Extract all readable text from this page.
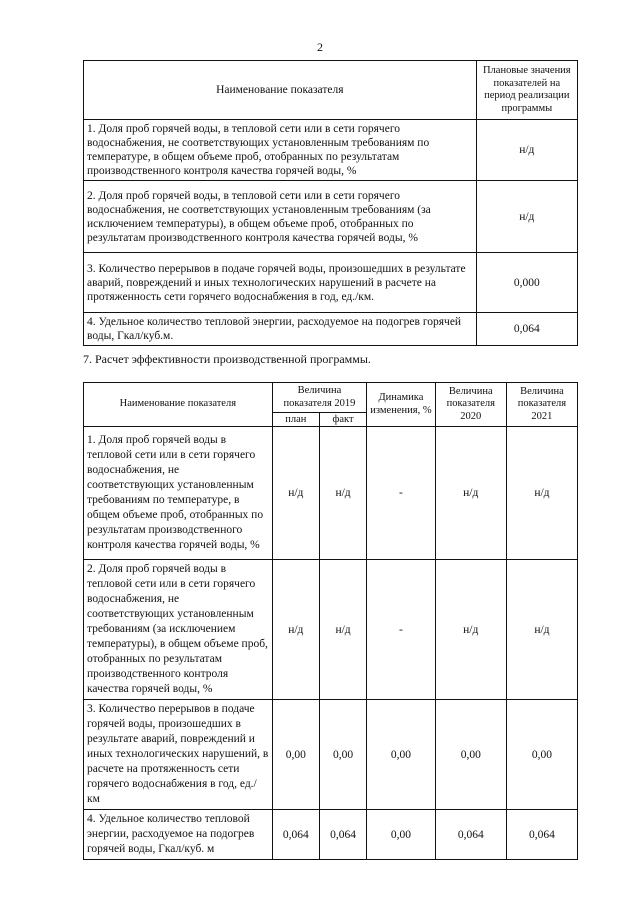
2
Наименование показателя	Плановые значения показателей на период реализации программы
1. Доля проб горячей воды, в тепловой сети или в сети горячего водоснабжения, не соответствующих установленным требованиям по температуре, в общем объеме проб, отобранных по результатам производственного контроля качества горячей воды, %	н/д
2. Доля проб горячей воды, в тепловой сети или в сети горячего водоснабжения, не соответствующих установленным требованиям (за исключением температуры), в общем объеме проб, отобранных по результатам производственного контроля качества горячей воды, %	н/д
3. Количество перерывов в подаче горячей воды, произошедших в результате аварий, повреждений и иных технологических нарушений в расчете на протяженность сети горячего водоснабжения в год, ед./км.	0,000
4. Удельное количество тепловой энергии, расходуемое на подогрев горячей воды, Гкал/куб.м.	0,064
7. Расчет эффективности производственной программы.
Наименование показателя	Величина показателя 2019		Динамика изменения, %	Величина показателя 2020	Величина показателя 2021
	план	факт			
1. Доля проб горячей воды в тепловой сети или в сети горячего водоснабжения, не соответствующих установленным требованиям по температуре, в общем объеме проб, отобранных по результатам производственного контроля качества горячей воды, %	н/д	н/д	-	н/д	н/д
2. Доля проб горячей воды в тепловой сети или в сети горячего водоснабжения, не соответствующих установленным требованиям (за исключением температуры), в общем объеме проб, отобранных по результатам производственного контроля качества горячей воды, %	н/д	н/д	-	н/д	н/д
3. Количество перерывов в подаче горячей воды, произошедших в результате аварий, повреждений и иных технологических нарушений, в расчете на протяженность сети горячего водоснабжения в год, ед./км	0,00	0,00	0,00	0,00	0,00
4. Удельное количество тепловой энергии, расходуемое на подогрев горячей воды, Гкал/куб. м	0,064	0,064	0,00	0,064	0,064
